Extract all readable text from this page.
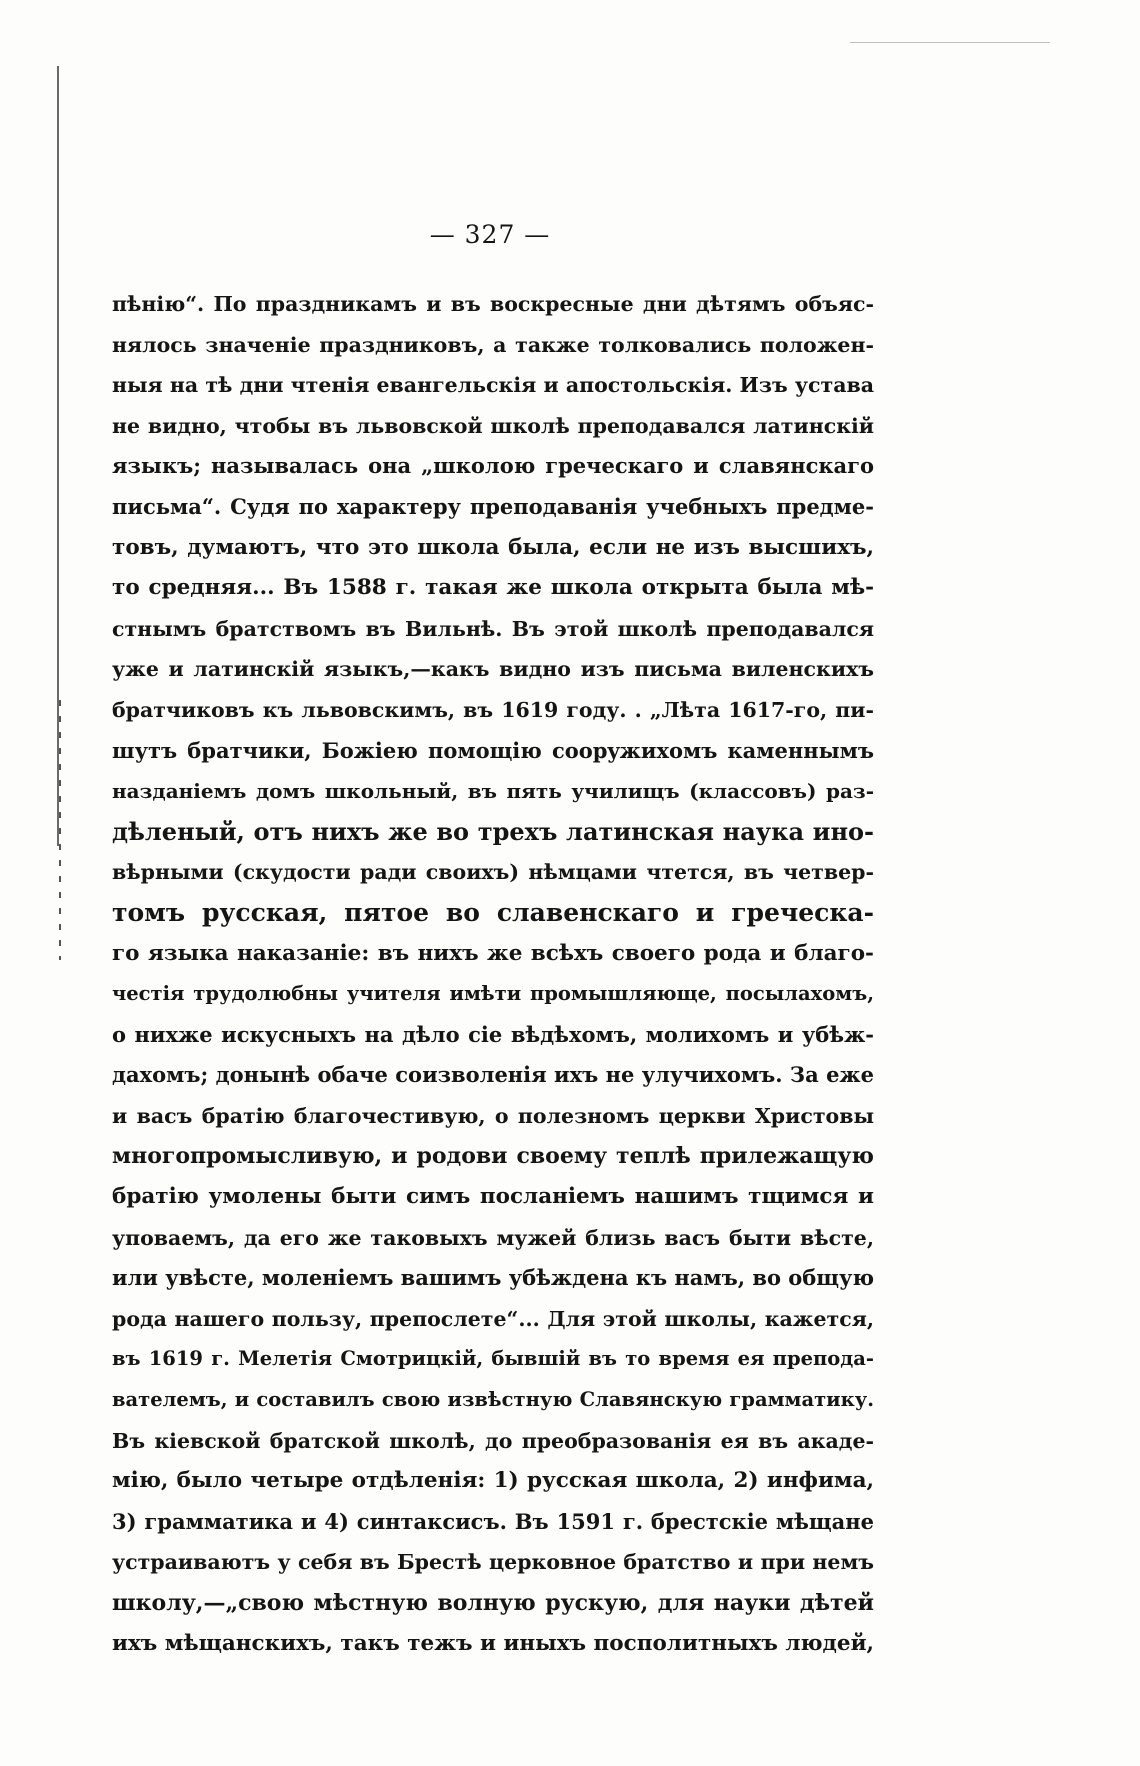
— 327 —
пѣнію“. По праздникамъ и въ воскресные дни дѣтямъ объяс-
нялось значеніе праздниковъ, а также толковались положен-
ныя на тѣ дни чтенія евангельскія и апостольскія. Изъ устава
не видно, чтобы въ львовской школѣ преподавался латинскій
языкъ; называлась она „школою греческаго и славянскаго
письма“. Судя по характеру преподаванія учебныхъ предме-
товъ, думаютъ, что это школа была, если не изъ высшихъ,
то средняя... Въ 1588 г. такая же школа открыта была мѣ-
стнымъ братствомъ въ Вильнѣ. Въ этой школѣ преподавался
уже и латинскій языкъ,—какъ видно изъ письма виленскихъ
братчиковъ къ львовскимъ, въ 1619 году. . „Лѣта 1617-го, пи-
шутъ братчики, Божіею помощію соорyжихомъ каменнымъ
назданіемъ домъ школьный, въ пять училищъ (классовъ) раз-
дѣленый, отъ нихъ же во трехъ латинская наука ино-
вѣрными (скудости ради своихъ) нѣмцами чтется, въ четвер-
томъ русская, пятое во славенскаго и греческа-
го языка наказаніе: въ нихъ же всѣхъ своего рода и благо-
честія трудолюбны учителя имѣти промышляюще, посылахомъ,
о нихже искусныхъ на дѣло сіе вѣдѣхомъ, молихомъ и убѣж-
дахомъ; донынѣ обаче соизволенія ихъ не улучихомъ. За еже
и васъ братію благочестивую, о полезномъ церкви Христовы
многопромысливую, и родови своему теплѣ прилежащую
братію умолены быти симъ посланіемъ нашимъ тщимся и
уповаемъ, да его же таковыхъ мужей близь васъ быти вѣсте,
или увѣсте, моленіемъ вашимъ убѣждена къ намъ, во общую
рода нашего пользу, препослете“... Для этой школы, кажется,
въ 1619 г. Мелетія Смотрицкій, бывшій въ то время ея препода-
вателемъ, и составилъ свою извѣстную Славянскую грамматику.
Въ кіевской братской школѣ, до преобразованія ея въ акаде-
мію, было четыре отдѣленія: 1) русская школа, 2) инфима,
3) грамматика и 4) синтаксисъ. Въ 1591 г. брестскіе мѣщане
устраиваютъ у себя въ Брестѣ церковное братство и при немъ
школу,—„свою мѣстную волную рускую, для науки дѣтей
ихъ мѣщанскихъ, такъ тежъ и иныхъ посполитныхъ людей,
